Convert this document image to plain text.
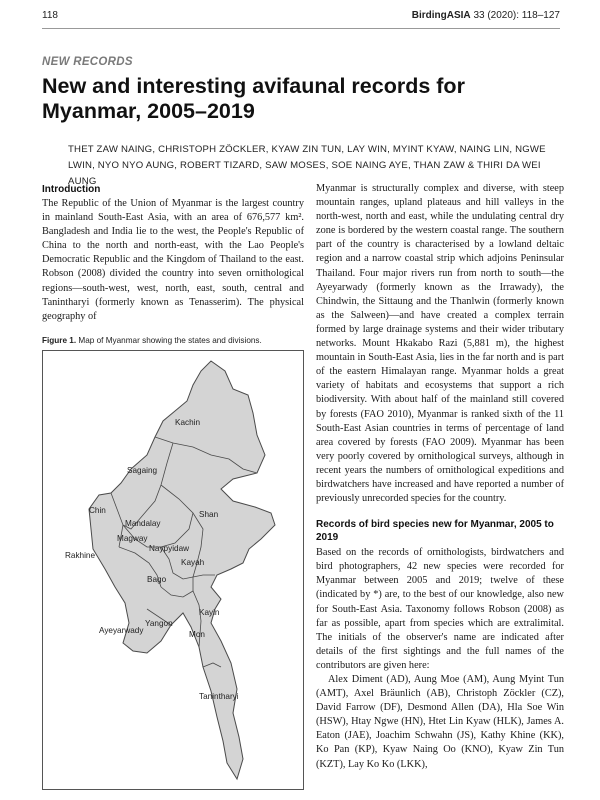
118	BirdingASIA 33 (2020): 118–127
NEW RECORDS
New and interesting avifaunal records for Myanmar, 2005–2019
THET ZAW NAING, CHRISTOPH ZÖCKLER, KYAW ZIN TUN, LAY WIN, MYINT KYAW, NAING LIN, NGWE LWIN, NYO NYO AUNG, ROBERT TIZARD, SAW MOSES, SOE NAING AYE, THAN ZAW & THIRI DA WEI AUNG
Introduction

The Republic of the Union of Myanmar is the largest country in mainland South-East Asia, with an area of 676,577 km². Bangladesh and India lie to the west, the People's Republic of China to the north and north-east, with the Lao People's Democratic Republic and the Kingdom of Thailand to the east. Robson (2008) divided the country into seven ornithological regions—south-west, west, north, east, south, central and Tanintharyi (formerly known as Tenasserim). The physical geography of

Figure 1. Map of Myanmar showing the states and divisions.
Kachin
Sagaing
Chin
Mandalay
Shan
Magway
Naypyidaw
Rakhine
Kayah
Bago
Yangon
Kayin
Ayeyarwady	Mon
Tanintharyi

Myanmar is structurally complex and diverse, with steep mountain ranges, upland plateaus and hill valleys in the north-west, north and east, while the undulating central dry zone is bordered by the western coastal range. The southern part of the country is characterised by a lowland deltaic region and a narrow coastal strip which adjoins Peninsular Thailand. Four major rivers run from north to south—the Ayeyarwady (formerly known as the Irrawady), the Chindwin, the Sittaung and the Thanlwin (formerly known as the Salween)—and have created a complex terrain formed by large drainage systems and their wider tributary networks. Mount Hkakabo Razi (5,881 m), the highest mountain in South-East Asia, lies in the far north and is part of the eastern Himalayan range. Myanmar holds a great variety of habitats and ecosystems that support a rich biodiversity. With about half of the mainland still covered by forests (FAO 2010), Myanmar is ranked sixth of the 11 South-East Asian countries in terms of percentage of land area covered by forests (FAO 2009). Myanmar has been very poorly covered by ornithological surveys, although in recent years the numbers of ornithological expeditions and birdwatchers have increased and have reported a number of previously unrecorded species for the country.

Records of bird species new for Myanmar, 2005 to 2019

Based on the records of ornithologists, birdwatchers and bird photographers, 42 new species were recorded for Myanmar between 2005 and 2019; twelve of these (indicated by *) are, to the best of our knowledge, also new for South-East Asia. Taxonomy follows Robson (2008) as far as possible, apart from species which are extralimital. The initials of the observer's name are indicated after details of the first sightings and the full names of the contributors are given here:

Alex Diment (AD), Aung Moe (AM), Aung Myint Tun (AMT), Axel Bräunlich (AB), Christoph Zöckler (CZ), David Farrow (DF), Desmond Allen (DA), Hla Soe Win (HSW), Htay Ngwe (HN), Htet Lin Kyaw (HLK), James A. Eaton (JAE), Joachim Schwahn (JS), Kathy Khine (KK), Ko Pan (KP), Kyaw Naing Oo (KNO), Kyaw Zin Tun (KZT), Lay Ko Ko (LKK),
